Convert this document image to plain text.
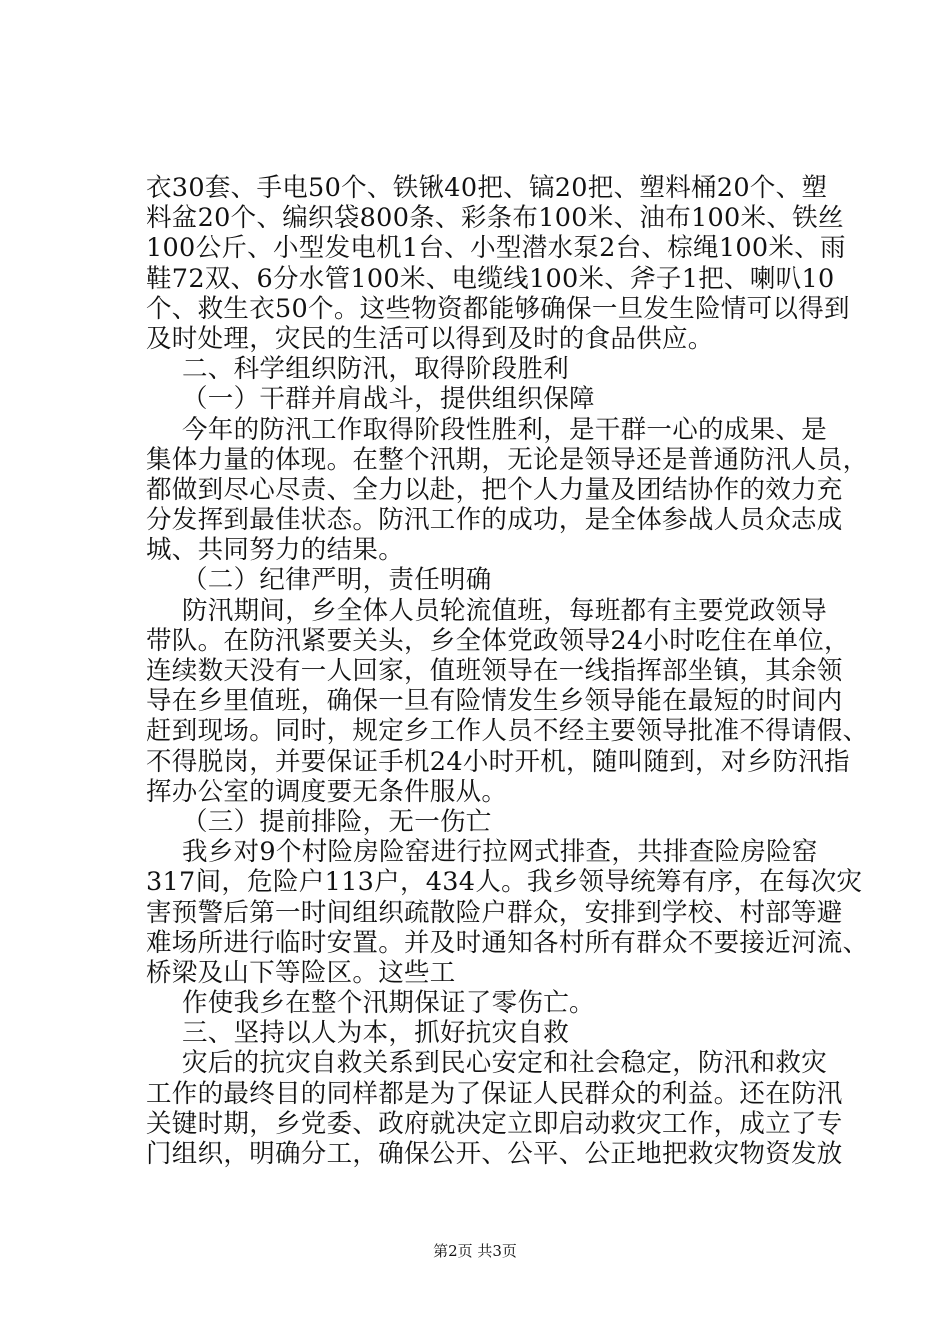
衣30套、手电50个、铁锹40把、镐20把、塑料桶20个、塑
料盆20个、编织袋800条、彩条布100米、油布100米、铁丝
100公斤、小型发电机1台、小型潜水泵2台、棕绳100米、雨
鞋72双、6分水管100米、电缆线100米、斧子1把、喇叭10
个、救生衣50个。这些物资都能够确保一旦发生险情可以得到
及时处理，灾民的生活可以得到及时的食品供应。
二、科学组织防汛，取得阶段胜利
（一）干群并肩战斗，提供组织保障
今年的防汛工作取得阶段性胜利，是干群一心的成果、是
集体力量的体现。在整个汛期，无论是领导还是普通防汛人员，
都做到尽心尽责、全力以赴，把个人力量及团结协作的效力充
分发挥到最佳状态。防汛工作的成功，是全体参战人员众志成
城、共同努力的结果。
（二）纪律严明，责任明确
防汛期间，乡全体人员轮流值班，每班都有主要党政领导
带队。在防汛紧要关头，乡全体党政领导24小时吃住在单位，
连续数天没有一人回家，值班领导在一线指挥部坐镇，其余领
导在乡里值班，确保一旦有险情发生乡领导能在最短的时间内
赶到现场。同时，规定乡工作人员不经主要领导批准不得请假、
不得脱岗，并要保证手机24小时开机，随叫随到，对乡防汛指
挥办公室的调度要无条件服从。
（三）提前排险，无一伤亡
我乡对9个村险房险窑进行拉网式排查，共排查险房险窑
317间，危险户113户，434人。我乡领导统筹有序，在每次灾
害预警后第一时间组织疏散险户群众，安排到学校、村部等避
难场所进行临时安置。并及时通知各村所有群众不要接近河流、
桥梁及山下等险区。这些工
作使我乡在整个汛期保证了零伤亡。
三、坚持以人为本，抓好抗灾自救
灾后的抗灾自救关系到民心安定和社会稳定，防汛和救灾
工作的最终目的同样都是为了保证人民群众的利益。还在防汛
关键时期，乡党委、政府就决定立即启动救灾工作，成立了专
门组织，明确分工，确保公开、公平、公正地把救灾物资发放
第2页 共3页
